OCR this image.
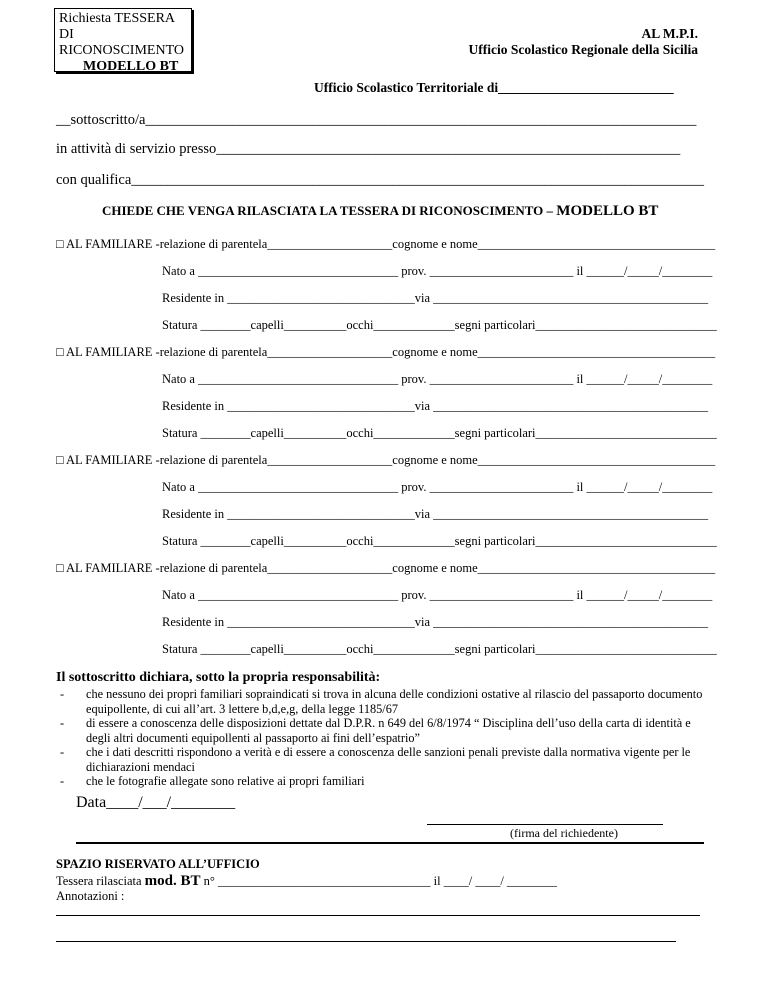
Richiesta TESSERA DI
RICONOSCIMENTO
MODELLO BT
AL M.P.I.
Ufficio Scolastico Regionale della Sicilia
Ufficio Scolastico Territoriale di__________________________
__sottoscritto/a____________________________________________________________________________
in attività di servizio presso________________________________________________________________
con qualifica_______________________________________________________________________________
CHIEDE CHE VENGA RILASCIATA LA TESSERA DI RICONOSCIMENTO – MODELLO BT
□ AL FAMILIARE -relazione di parentela____________________cognome e nome______________________________________
Nato a ________________________________ prov. _______________________ il ______/_____/________
Residente in ______________________________via ____________________________________________
Statura ________capelli__________occhi_____________segni particolari_____________________________
□ AL FAMILIARE -relazione di parentela____________________cognome e nome______________________________________
Nato a ________________________________ prov. _______________________ il ______/_____/________
Residente in ______________________________via ____________________________________________
Statura ________capelli__________occhi_____________segni particolari_____________________________
□ AL FAMILIARE -relazione di parentela____________________cognome e nome______________________________________
Nato a ________________________________ prov. _______________________ il ______/_____/________
Residente in ______________________________via ____________________________________________
Statura ________capelli__________occhi_____________segni particolari_____________________________
□ AL FAMILIARE -relazione di parentela____________________cognome e nome______________________________________
Nato a ________________________________ prov. _______________________ il ______/_____/________
Residente in ______________________________via ____________________________________________
Statura ________capelli__________occhi_____________segni particolari_____________________________
Il sottoscritto dichiara, sotto la propria responsabilità:
- che nessuno dei propri familiari sopraindicati si trova in alcuna delle condizioni ostative al rilascio del passaporto documento equipollente, di cui all’art. 3 lettere b,d,e,g, della legge 1185/67
- di essere a conoscenza delle disposizioni dettate dal D.P.R. n 649 del 6/8/1974 “ Disciplina dell’uso della carta di identità e degli altri documenti equipollenti al passaporto ai fini dell’espatrio”
- che i dati descritti rispondono a verità e di essere a conoscenza delle sanzioni penali previste dalla normativa vigente per le dichiarazioni mendaci
- che le fotografie allegate sono relative ai propri familiari
Data____/___/________
(firma del richiedente)
SPAZIO RISERVATO ALL’UFFICIO
Tessera rilasciata mod. BT n° __________________________________ il ____/ ____/ ________
Annotazioni :
